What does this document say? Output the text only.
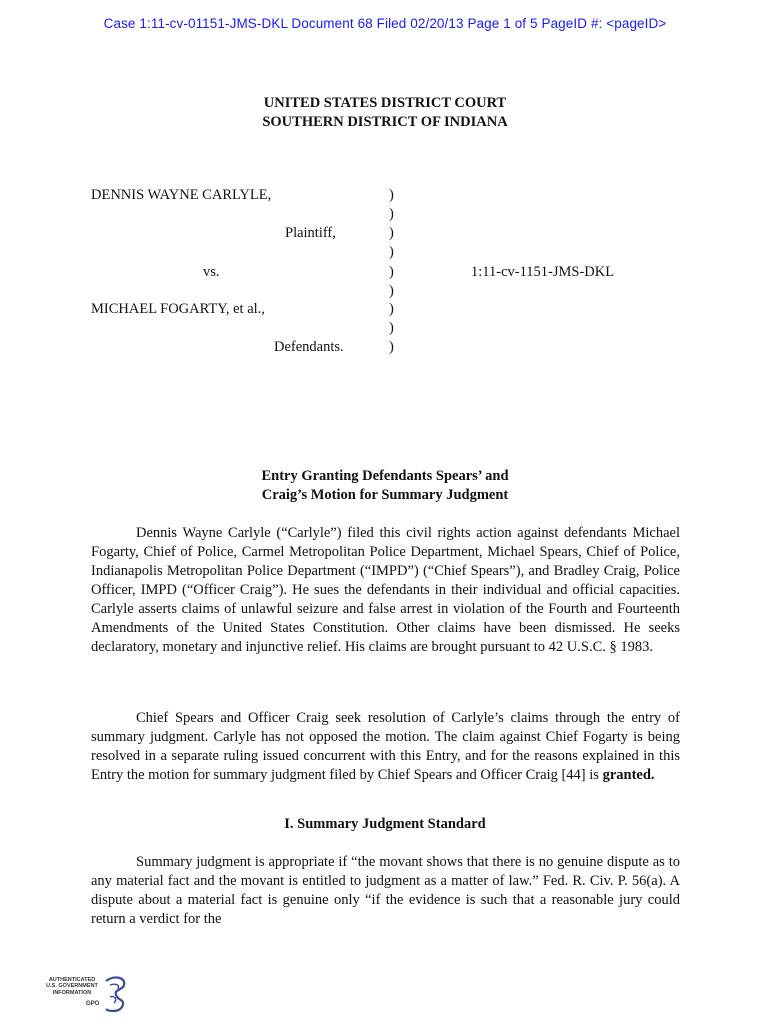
Case 1:11-cv-01151-JMS-DKL Document 68 Filed 02/20/13 Page 1 of 5 PageID #: <pageID>
UNITED STATES DISTRICT COURT
SOUTHERN DISTRICT OF INDIANA
DENNIS WAYNE CARLYLE,
Plaintiff,
vs.
MICHAEL FOGARTY, et al.,
Defendants.
)
)
)
)
)
)
)
)
)
1:11-cv-1151-JMS-DKL
Entry Granting Defendants Spears’ and
Craig’s Motion for Summary Judgment

Dennis Wayne Carlyle (“Carlyle”) filed this civil rights action against defendants Michael Fogarty, Chief of Police, Carmel Metropolitan Police Department, Michael Spears, Chief of Police, Indianapolis Metropolitan Police Department (“IMPD”) (“Chief Spears”), and Bradley Craig, Police Officer, IMPD (“Officer Craig”). He sues the defendants in their individual and official capacities. Carlyle asserts claims of unlawful seizure and false arrest in violation of the Fourth and Fourteenth Amendments of the United States Constitution. Other claims have been dismissed. He seeks declaratory, monetary and injunctive relief. His claims are brought pursuant to 42 U.S.C. § 1983.

Chief Spears and Officer Craig seek resolution of Carlyle’s claims through the entry of summary judgment. Carlyle has not opposed the motion. The claim against Chief Fogarty is being resolved in a separate ruling issued concurrent with this Entry, and for the reasons explained in this Entry the motion for summary judgment filed by Chief Spears and Officer Craig [44] is granted.

I. Summary Judgment Standard

Summary judgment is appropriate if “the movant shows that there is no genuine dispute as to any material fact and the movant is entitled to judgment as a matter of law.” Fed. R. Civ. P. 56(a). A dispute about a material fact is genuine only “if the evidence is such that a reasonable jury could return a verdict for the

AUTHENTICATED
U.S. GOVERNMENT
INFORMATION
GPO
